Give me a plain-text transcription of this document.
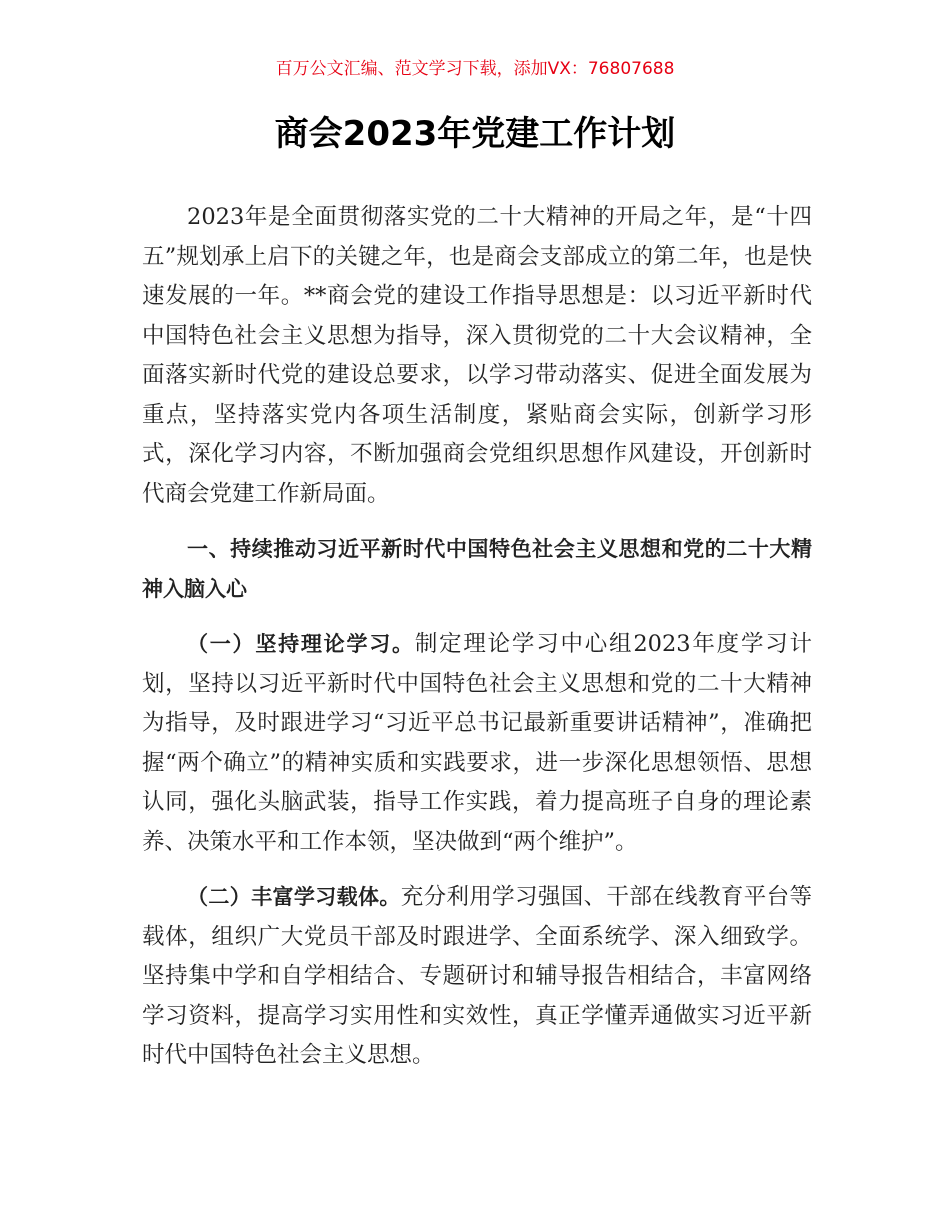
百万公文汇编、范文学习下载，添加VX：76807688
商会2023年党建工作计划

2023年是全面贯彻落实党的二十大精神的开局之年，是“十四五”规划承上启下的关键之年，也是商会支部成立的第二年，也是快速发展的一年。**商会党的建设工作指导思想是：以习近平新时代中国特色社会主义思想为指导，深入贯彻党的二十大会议精神，全面落实新时代党的建设总要求，以学习带动落实、促进全面发展为重点，坚持落实党内各项生活制度，紧贴商会实际，创新学习形式，深化学习内容，不断加强商会党组织思想作风建设，开创新时代商会党建工作新局面。

一、持续推动习近平新时代中国特色社会主义思想和党的二十大精神入脑入心

（一）坚持理论学习。制定理论学习中心组2023年度学习计划，坚持以习近平新时代中国特色社会主义思想和党的二十大精神为指导，及时跟进学习“习近平总书记最新重要讲话精神”，准确把握“两个确立”的精神实质和实践要求，进一步深化思想领悟、思想认同，强化头脑武装，指导工作实践，着力提高班子自身的理论素养、决策水平和工作本领，坚决做到“两个维护”。

（二）丰富学习载体。充分利用学习强国、干部在线教育平台等载体，组织广大党员干部及时跟进学、全面系统学、深入细致学。坚持集中学和自学相结合、专题研讨和辅导报告相结合，丰富网络学习资料，提高学习实用性和实效性，真正学懂弄通做实习近平新时代中国特色社会主义思想。
